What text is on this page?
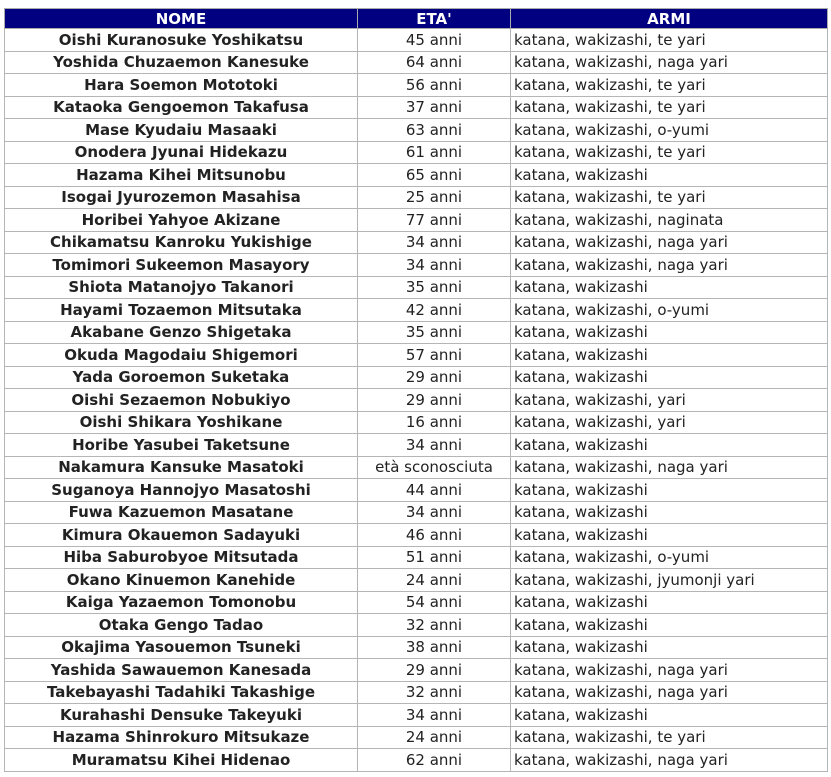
NOME	ETA'	ARMI
Oishi Kuranosuke Yoshikatsu	45 anni	katana, wakizashi, te yari
Yoshida Chuzaemon Kanesuke	64 anni	katana, wakizashi, naga yari
Hara Soemon Mototoki	56 anni	katana, wakizashi, te yari
Kataoka Gengoemon Takafusa	37 anni	katana, wakizashi, te yari
Mase Kyudaiu Masaaki	63 anni	katana, wakizashi, o-yumi
Onodera Jyunai Hidekazu	61 anni	katana, wakizashi, te yari
Hazama Kihei Mitsunobu	65 anni	katana, wakizashi
Isogai Jyurozemon Masahisa	25 anni	katana, wakizashi, te yari
Horibei Yahyoe Akizane	77 anni	katana, wakizashi, naginata
Chikamatsu Kanroku Yukishige	34 anni	katana, wakizashi, naga yari
Tomimori Sukeemon Masayory	34 anni	katana, wakizashi, naga yari
Shiota Matanojyo Takanori	35 anni	katana, wakizashi
Hayami Tozaemon Mitsutaka	42 anni	katana, wakizashi, o-yumi
Akabane Genzo Shigetaka	35 anni	katana, wakizashi
Okuda Magodaiu Shigemori	57 anni	katana, wakizashi
Yada Goroemon Suketaka	29 anni	katana, wakizashi
Oishi Sezaemon Nobukiyo	29 anni	katana, wakizashi, yari
Oishi Shikara Yoshikane	16 anni	katana, wakizashi, yari
Horibe Yasubei Taketsune	34 anni	katana, wakizashi
Nakamura Kansuke Masatoki	età sconosciuta	katana, wakizashi, naga yari
Suganoya Hannojyo Masatoshi	44 anni	katana, wakizashi
Fuwa Kazuemon Masatane	34 anni	katana, wakizashi
Kimura Okauemon Sadayuki	46 anni	katana, wakizashi
Hiba Saburobyoe Mitsutada	51 anni	katana, wakizashi, o-yumi
Okano Kinuemon Kanehide	24 anni	katana, wakizashi, jyumonji yari
Kaiga Yazaemon Tomonobu	54 anni	katana, wakizashi
Otaka Gengo Tadao	32 anni	katana, wakizashi
Okajima Yasouemon Tsuneki	38 anni	katana, wakizashi
Yashida Sawauemon Kanesada	29 anni	katana, wakizashi, naga yari
Takebayashi Tadahiki Takashige	32 anni	katana, wakizashi, naga yari
Kurahashi Densuke Takeyuki	34 anni	katana, wakizashi
Hazama Shinrokuro Mitsukaze	24 anni	katana, wakizashi, te yari
Muramatsu Kihei Hidenao	62 anni	katana, wakizashi, naga yari
